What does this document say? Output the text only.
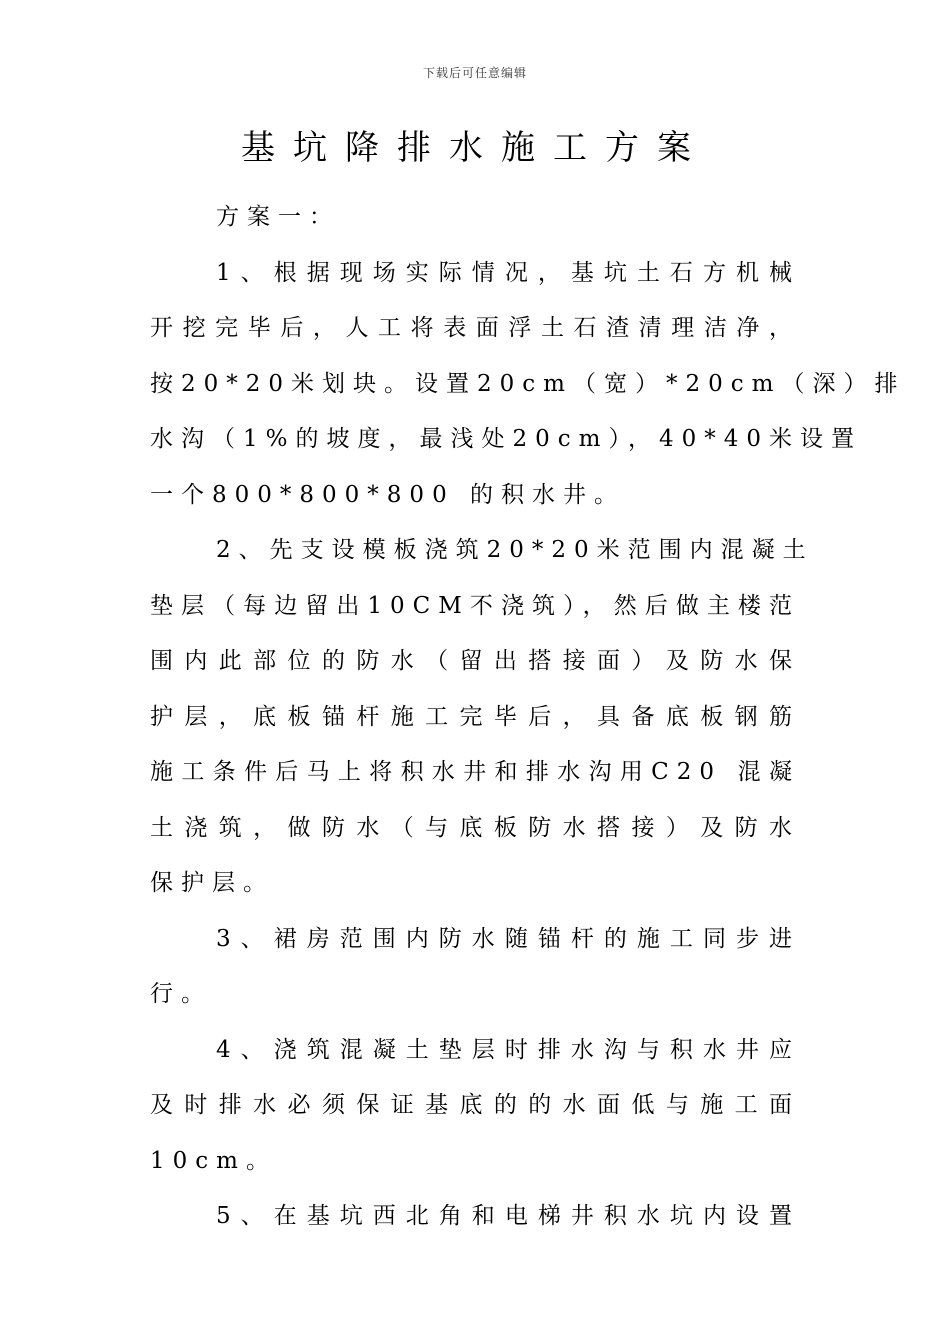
下载后可任意编辑
基坑降排水施工方案

方案一：

1、根据现场实际情况，基坑土石方机械
开挖完毕后，人工将表面浮土石渣清理洁净，
按20*20米划块。设置20cm（宽）*20cm（深）排
水沟（1%的坡度，最浅处20cm），40*40米设置
一个800*800*800 的积水井。

2、先支设模板浇筑20*20米范围内混凝土
垫层（每边留出10CM不浇筑），然后做主楼范
围内此部位的防水（留出搭接面）及防水保
护层，底板锚杆施工完毕后，具备底板钢筋
施工条件后马上将积水井和排水沟用C20 混凝
土浇筑，做防水（与底板防水搭接）及防水
保护层。

3、裙房范围内防水随锚杆的施工同步进
行。

4、浇筑混凝土垫层时排水沟与积水井应
及时排水必须保证基底的的水面低与施工面
10cm。

5、在基坑西北角和电梯井积水坑内设置
